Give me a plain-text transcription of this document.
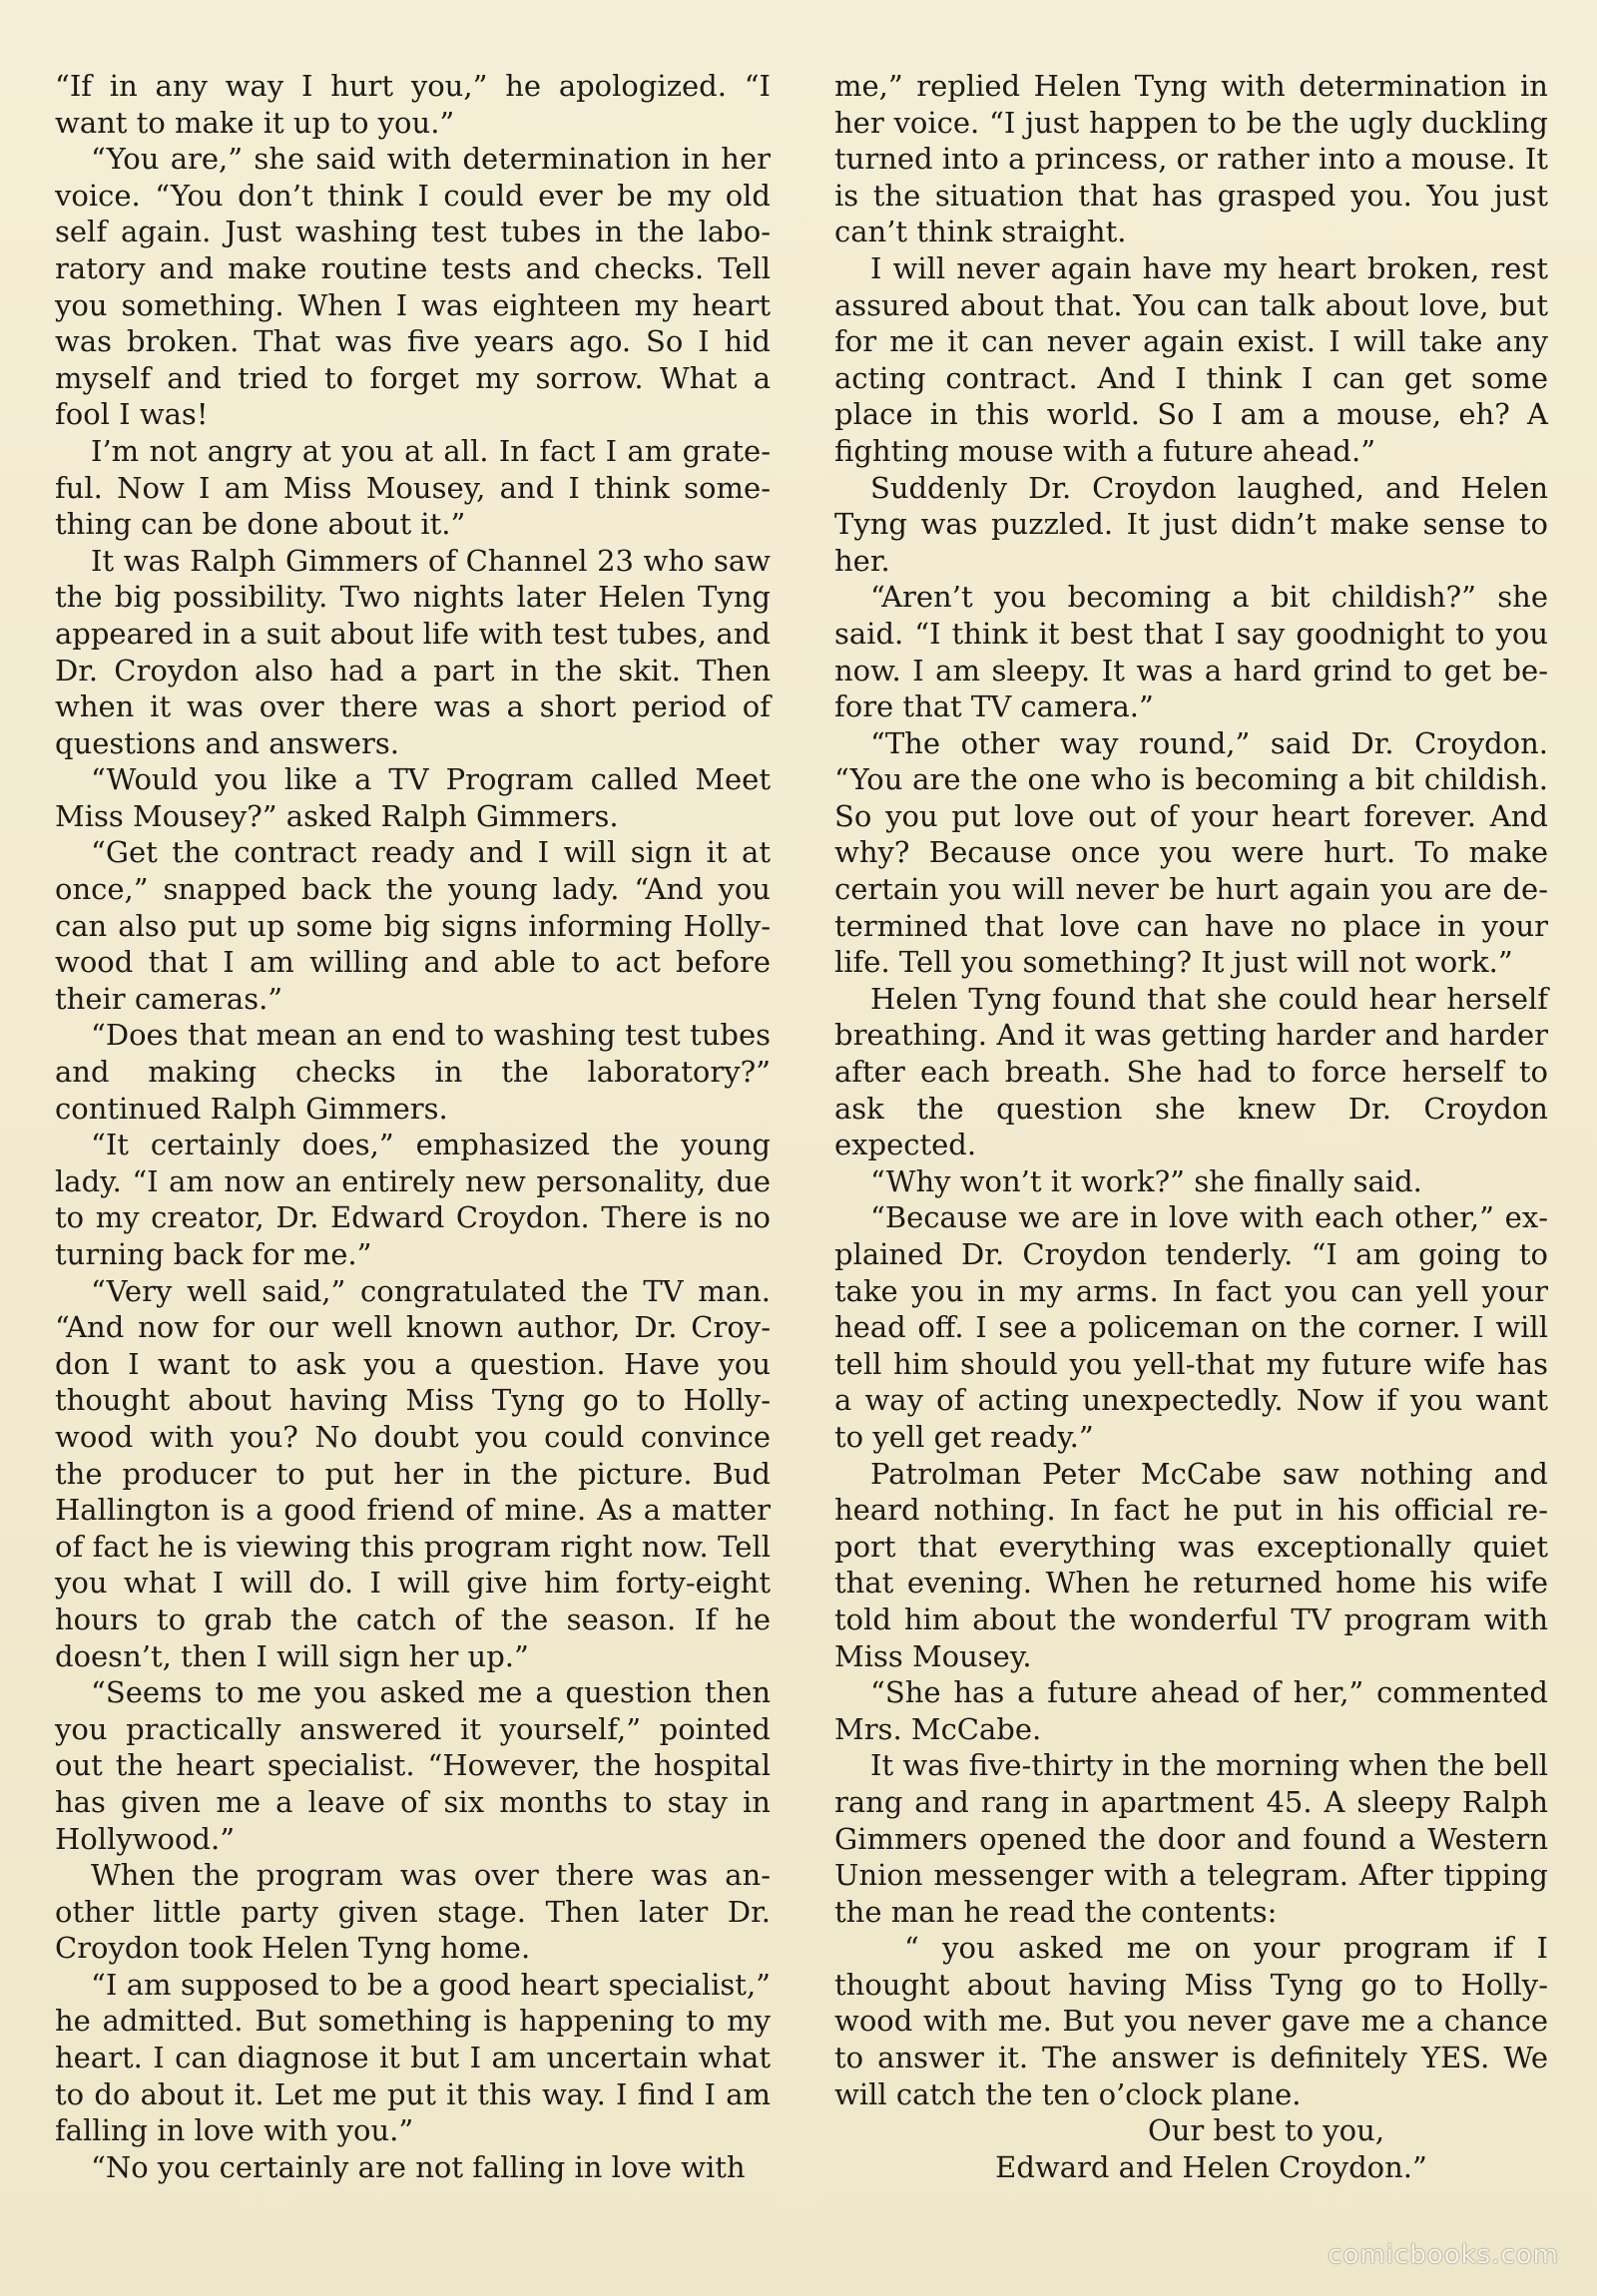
“If in any way I hurt you,” he apologized. “I want to make it up to you.”

“You are,” she said with determination in her voice. “You don’t think I could ever be my old self again. Just washing test tubes in the laboratory and make routine tests and checks. Tell you something. When I was eighteen my heart was broken. That was five years ago. So I hid myself and tried to forget my sorrow. What a fool I was!

I’m not angry at you at all. In fact I am grateful. Now I am Miss Mousey, and I think something can be done about it.”

It was Ralph Gimmers of Channel 23 who saw the big possibility. Two nights later Helen Tyng appeared in a suit about life with test tubes, and Dr. Croydon also had a part in the skit. Then when it was over there was a short period of questions and answers.

“Would you like a TV Program called Meet Miss Mousey?” asked Ralph Gimmers.

“Get the contract ready and I will sign it at once,” snapped back the young lady. “And you can also put up some big signs informing Hollywood that I am willing and able to act before their cameras.”

“Does that mean an end to washing test tubes and making checks in the laboratory?” continued Ralph Gimmers.

“It certainly does,” emphasized the young lady. “I am now an entirely new personality, due to my creator, Dr. Edward Croydon. There is no turning back for me.”

“Very well said,” congratulated the TV man. “And now for our well known author, Dr. Croydon I want to ask you a question. Have you thought about having Miss Tyng go to Hollywood with you? No doubt you could convince the producer to put her in the picture. Bud Hallington is a good friend of mine. As a matter of fact he is viewing this program right now. Tell you what I will do. I will give him forty-eight hours to grab the catch of the season. If he doesn’t, then I will sign her up.”

“Seems to me you asked me a question then you practically answered it yourself,” pointed out the heart specialist. “However, the hospital has given me a leave of six months to stay in Hollywood.”

When the program was over there was another little party given stage. Then later Dr. Croydon took Helen Tyng home.

“I am supposed to be a good heart specialist,” he admitted. But something is happening to my heart. I can diagnose it but I am uncertain what to do about it. Let me put it this way. I find I am falling in love with you.”

“No you certainly are not falling in love with

me,” replied Helen Tyng with determination in her voice. “I just happen to be the ugly duckling turned into a princess, or rather into a mouse. It is the situation that has grasped you. You just can’t think straight.

I will never again have my heart broken, rest assured about that. You can talk about love, but for me it can never again exist. I will take any acting contract. And I think I can get some place in this world. So I am a mouse, eh? A fighting mouse with a future ahead.”

Suddenly Dr. Croydon laughed, and Helen Tyng was puzzled. It just didn’t make sense to her.

“Aren’t you becoming a bit childish?” she said. “I think it best that I say goodnight to you now. I am sleepy. It was a hard grind to get before that TV camera.”

“The other way round,” said Dr. Croydon. “You are the one who is becoming a bit childish. So you put love out of your heart forever. And why? Because once you were hurt. To make certain you will never be hurt again you are determined that love can have no place in your life. Tell you something? It just will not work.”

Helen Tyng found that she could hear herself breathing. And it was getting harder and harder after each breath. She had to force herself to ask the question she knew Dr. Croydon expected.

“Why won’t it work?” she finally said.

“Because we are in love with each other,” explained Dr. Croydon tenderly. “I am going to take you in my arms. In fact you can yell your head off. I see a policeman on the corner. I will tell him should you yell-that my future wife has a way of acting unexpectedly. Now if you want to yell get ready.”

Patrolman Peter McCabe saw nothing and heard nothing. In fact he put in his official report that everything was exceptionally quiet that evening. When he returned home his wife told him about the wonderful TV program with Miss Mousey.

“She has a future ahead of her,” commented Mrs. McCabe.

It was five-thirty in the morning when the bell rang and rang in apartment 45. A sleepy Ralph Gimmers opened the door and found a Western Union messenger with a telegram. After tipping the man he read the contents:

“ you asked me on your program if I thought about having Miss Tyng go to Hollywood with me. But you never gave me a chance to answer it. The answer is definitely YES. We will catch the ten o’clock plane.

Our best to you,

Edward and Helen Croydon.”

comicbooks.com
